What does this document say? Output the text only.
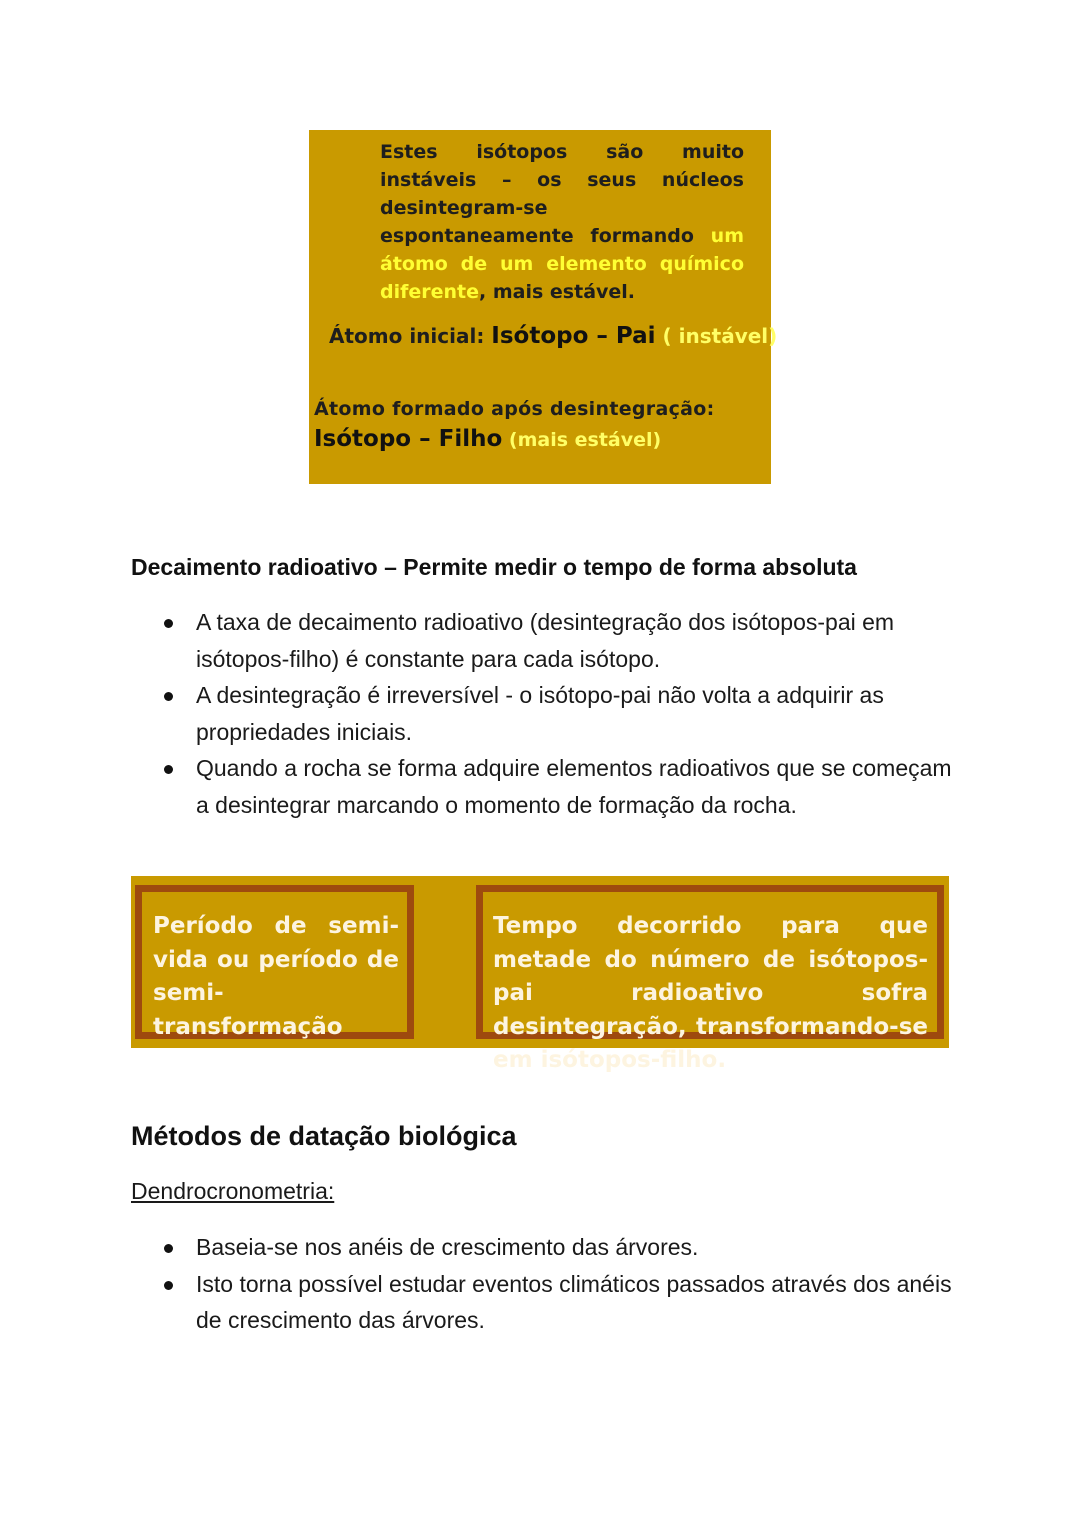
Estes isótopos são muito instáveis – os seus núcleos desintegram-se espontaneamente formando um átomo de um elemento químico diferente, mais estável.
Átomo inicial: Isótopo – Pai ( instável)
Átomo formado após desintegração:
Isótopo – Filho (mais estável)
Decaimento radioativo – Permite medir o tempo de forma absoluta
A taxa de decaimento radioativo (desintegração dos isótopos-pai em isótopos-filho) é constante para cada isótopo.
A desintegração é irreversível - o isótopo-pai não volta a adquirir as propriedades iniciais.
Quando a rocha se forma adquire elementos radioativos que se começam a desintegrar marcando o momento de formação da rocha.
Período de semi-vida ou período de semi-transformação
Tempo decorrido para que metade do número de isótopos-pai radioativo sofra desintegração, transformando-se em isótopos-filho.
Métodos de datação biológica
Dendrocronometria:
Baseia-se nos anéis de crescimento das árvores.
Isto torna possível estudar eventos climáticos passados através dos anéis de crescimento das árvores.
